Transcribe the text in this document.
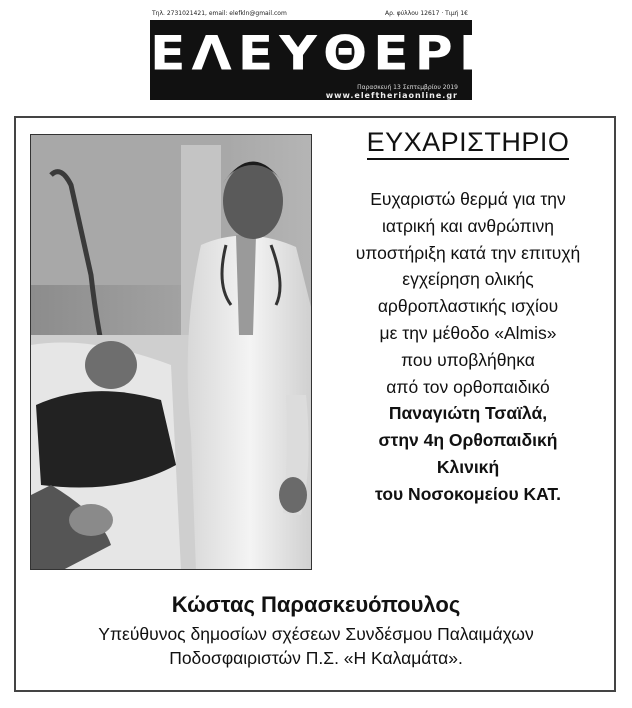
Τηλ. 2731021421, email: elefkln@gmail.com	Αρ. φύλλου 12617 · Τιμή 1€
ΕΛΕΥΘΕΡΙΑ
Παρασκευή 13 Σεπτεμβρίου 2019
www.eleftheriaonline.gr
ΕΥΧΑΡΙΣΤΗΡΙΟ
Ευχαριστώ θερμά για την
ιατρική και ανθρώπινη
υποστήριξη κατά την επιτυχή
εγχείρηση ολικής
αρθροπλαστικής ισχίου
με την μέθοδο «Almis»
που υποβλήθηκα
από τον ορθοπαιδικό
Παναγιώτη Τσαϊλά,
στην 4η Ορθοπαιδική
Κλινική
του Νοσοκομείου ΚΑΤ.
Κώστας Παρασκευόπουλος
Υπεύθυνος δημοσίων σχέσεων Συνδέσμου Παλαιμάχων
Ποδοσφαιριστών Π.Σ. «Η Καλαμάτα».
